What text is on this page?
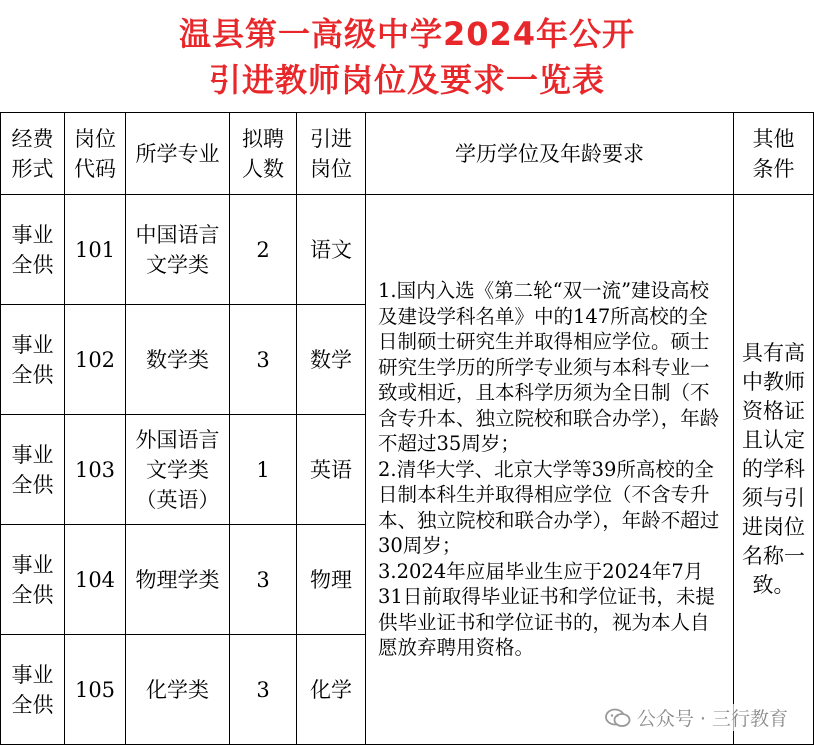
温县第一高级中学2024年公开
引进教师岗位及要求一览表
经费形式	岗位代码	所学专业	拟聘人数	引进岗位	学历学位及年龄要求	其他条件
事业全供	101	中国语言文学类	2	语文	1.国内入选《第二轮“双一流”建设高校及建设学科名单》中的147所高校的全日制硕士研究生并取得相应学位。硕士研究生学历的所学专业须与本科专业一致或相近，且本科学历须为全日制（不含专升本、独立院校和联合办学），年龄不超过35周岁；

2.清华大学、北京大学等39所高校的全日制本科生并取得相应学位（不含专升本、独立院校和联合办学），年龄不超过30周岁；

3.2024年应届毕业生应于2024年7月31日前取得毕业证书和学位证书，未提供毕业证书和学位证书的，视为本人自愿放弃聘用资格。	具有高中教师资格证且认定的学科须与引进岗位名称一致。
事业全供	102	数学类	3	数学		
事业全供	103	外国语言文学类（英语）	1	英语		
事业全供	104	物理学类	3	物理		
事业全供	105	化学类	3	化学		
公众号 · 三行教育
